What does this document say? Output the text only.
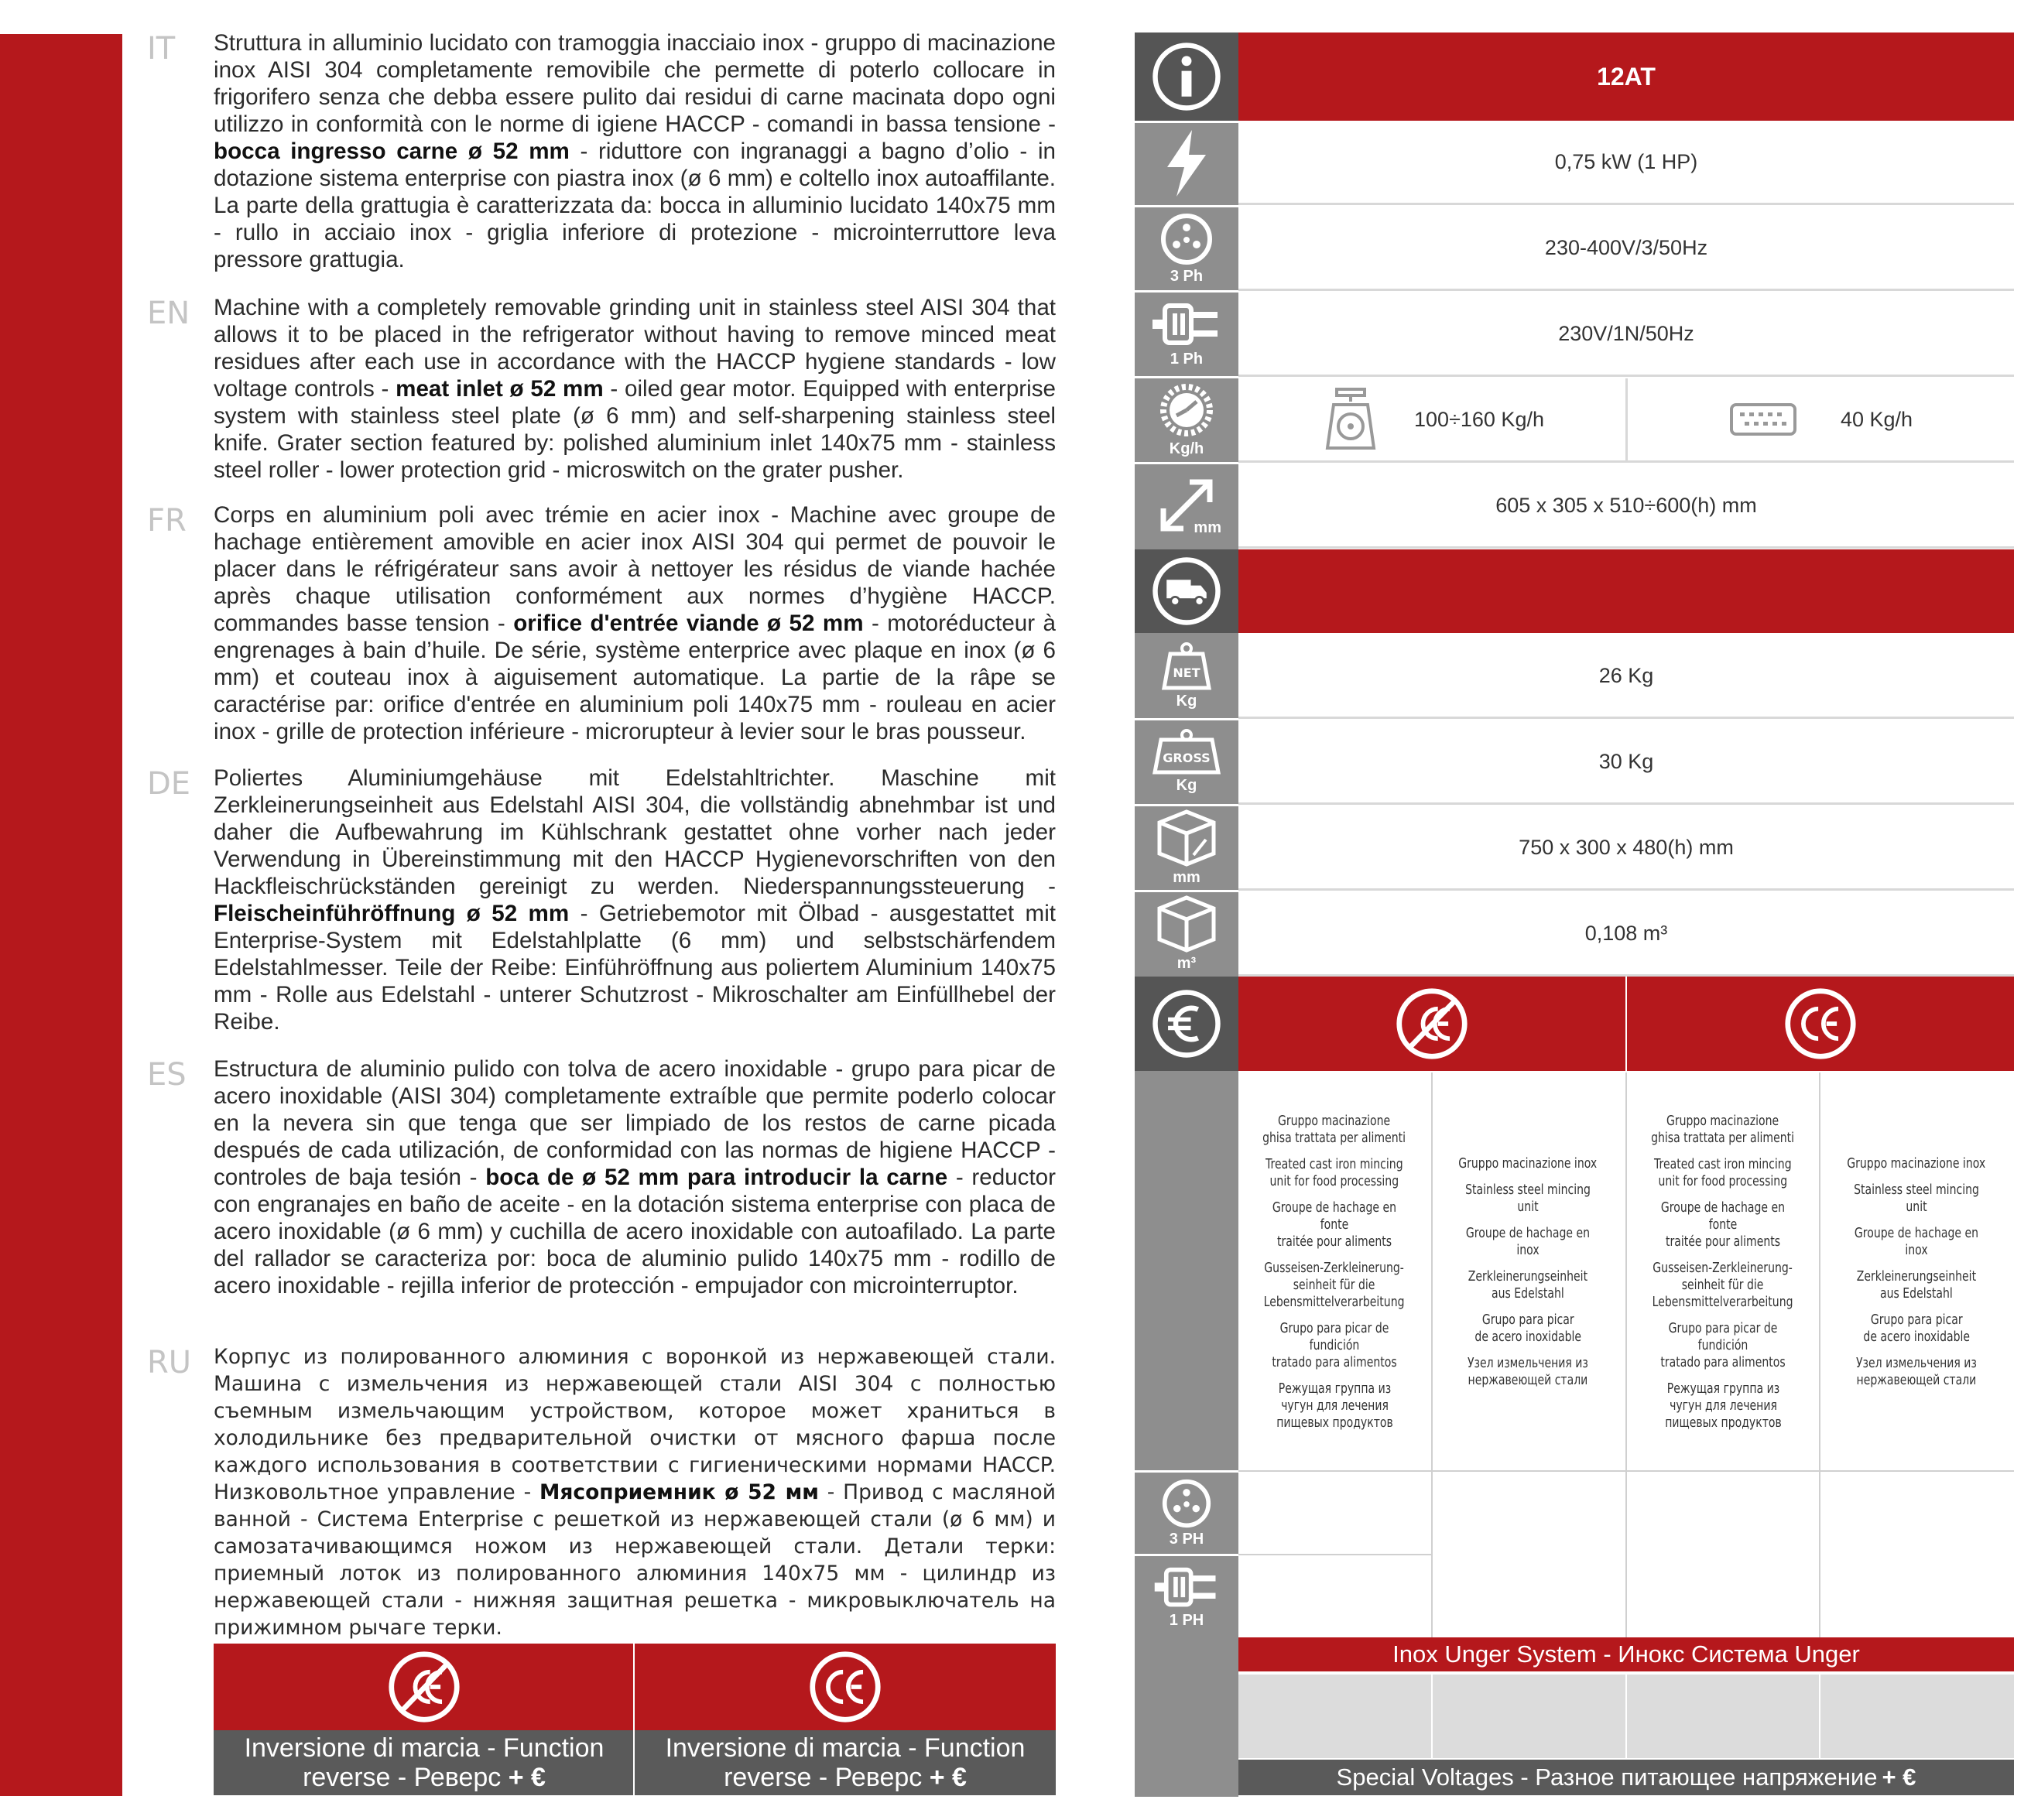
IT Struttura in alluminio lucidato con tramoggia inacciaio inox - gruppo di macinazione inox AISI 304 completamente removibile che permette di poterlo collocare in frigorifero senza che debba essere pulito dai residui di carne macinata dopo ogni utilizzo in conformità con le norme di igiene HACCP - comandi in bassa tensione - bocca ingresso carne ø 52 mm - riduttore con ingranaggi a bagno d’olio - in dotazione sistema enterprise con piastra inox (ø 6 mm) e coltello inox autoaffilante. La parte della grattugia è caratterizzata da: bocca in alluminio lucidato 140x75 mm - rullo in acciaio inox - griglia inferiore di protezione - microinterruttore leva pressore grattugia.
EN Machine with a completely removable grinding unit in stainless steel AISI 304 that allows it to be placed in the refrigerator without having to remove minced meat residues after each use in accordance with the HACCP hygiene standards - low voltage controls - meat inlet ø 52 mm - oiled gear motor. Equipped with enterprise system with stainless steel plate (ø 6 mm) and self-sharpening stainless steel knife. Grater section featured by: polished aluminium inlet 140x75 mm - stainless steel roller - lower protection grid - microswitch on the grater pusher.
FR Corps en aluminium poli avec trémie en acier inox - Machine avec groupe de hachage entièrement amovible en acier inox AISI 304 qui permet de pouvoir le placer dans le réfrigérateur sans avoir à nettoyer les résidus de viande hachée après chaque utilisation conformément aux normes d’hygiène HACCP. commandes basse tension - orifice d'entrée viande ø 52 mm - motoréducteur à engrenages à bain d’huile. De série, système enterprice avec plaque en inox (ø 6 mm) et couteau inox à aiguisement automatique. La partie de la râpe se caractérise par: orifice d'entrée en aluminium poli 140x75 mm - rouleau en acier inox - grille de protection inférieure - microrupteur à levier sour le bras pousseur.
DE Poliertes Aluminiumgehäuse mit Edelstahltrichter. Maschine mit Zerkleinerungseinheit aus Edelstahl AISI 304, die vollständig abnehmbar ist und daher die Aufbewahrung im Kühlschrank gestattet ohne vorher nach jeder Verwendung in Übereinstimmung mit den HACCP Hygienevorschriften von den Hackfleischrückständen gereinigt zu werden. Niederspannungssteuerung - Fleischeinführöffnung ø 52 mm - Getriebemotor mit Ölbad - ausgestattet mit Enterprise-System mit Edelstahlplatte (6 mm) und selbstschärfendem Edelstahlmesser. Teile der Reibe: Einführöffnung aus poliertem Aluminium 140x75 mm - Rolle aus Edelstahl - unterer Schutzrost - Mikroschalter am Einfüllhebel der Reibe.
ES Estructura de aluminio pulido con tolva de acero inoxidable - grupo para picar de acero inoxidable (AISI 304) completamente extraíble que permite poderlo colocar en la nevera sin que tenga que ser limpiado de los restos de carne picada después de cada utilización, de conformidad con las normas de higiene HACCP - controles de baja tesión - boca de ø 52 mm para introducir la carne - reductor con engranajes en baño de aceite - en la dotación sistema enterprise con placa de acero inoxidable (ø 6 mm) y cuchilla de acero inoxidable con autoafilado. La parte del rallador se caracteriza por: boca de aluminio pulido 140x75 mm - rodillo de acero inoxidable - rejilla inferior de protección - empujador con microinterruptor.
RU Корпус из полированного алюминия с воронкой из нержавеющей стали. Машина с измельчения из нержавеющей стали AISI 304 с полностью съемным измельчающим устройством, которое может храниться в холодильнике без предварительной очистки от мясного фарша после каждого использования в соответствии с гигиеническими нормами HACCP. Низковольтное управление - Мясоприемник ø 52 мм - Привод с масляной ванной - Система Enterprise с решеткой из нержавеющей стали (ø 6 мм) и самозатачивающимся ножом из нержавеющей стали. Детали терки: приемный лоток из полированного алюминия 140x75 мм - цилиндр из нержавеющей стали - нижняя защитная решетка - микровыключатель на прижимном рычаге терки.
Inversione di marcia - Function
reverse - Реверс + €
Inversione di marcia - Function
reverse - Реверс + €
12AT
0,75 kW (1 HP)
3 Ph
230-400V/3/50Hz
1 Ph
230V/1N/50Hz
Kg/h
100÷160 Kg/h	40 Kg/h
mm
605 x 305 x 510÷600(h) mm
NET
Kg
26 Kg
GROSS
Kg
30 Kg
mm
750 x 300 x 480(h) mm
m³
0,108 m³
Gruppo macinazione
ghisa trattata per alimenti
Treated cast iron mincing
unit for food processing
Groupe de hachage en fonte
traitée pour aliments
Gusseisen-Zerkleinerung-
seinheit für die
Lebensmittelverarbeitung
Grupo para picar de fundición
tratado para alimentos
Режущая группа из
чугун для лечения
пищевых продуктов
Gruppo macinazione inox
Stainless steel mincing unit
Groupe de hachage en inox
Zerkleinerungseinheit
aus Edelstahl
Grupo para picar
de acero inoxidable
Узел измельчения из
нержавеющей стали
Gruppo macinazione
ghisa trattata per alimenti
Treated cast iron mincing
unit for food processing
Groupe de hachage en fonte
traitée pour aliments
Gusseisen-Zerkleinerung-
seinheit für die
Lebensmittelverarbeitung
Grupo para picar de fundición
tratado para alimentos
Режущая группа из
чугун для лечения
пищевых продуктов
Gruppo macinazione inox
Stainless steel mincing unit
Groupe de hachage en inox
Zerkleinerungseinheit
aus Edelstahl
Grupo para picar
de acero inoxidable
Узел измельчения из
нержавеющей стали
3 PH
1 PH
Inox Unger System - Инокс Система Unger
Special Voltages - Разное питающее напряжение + €
